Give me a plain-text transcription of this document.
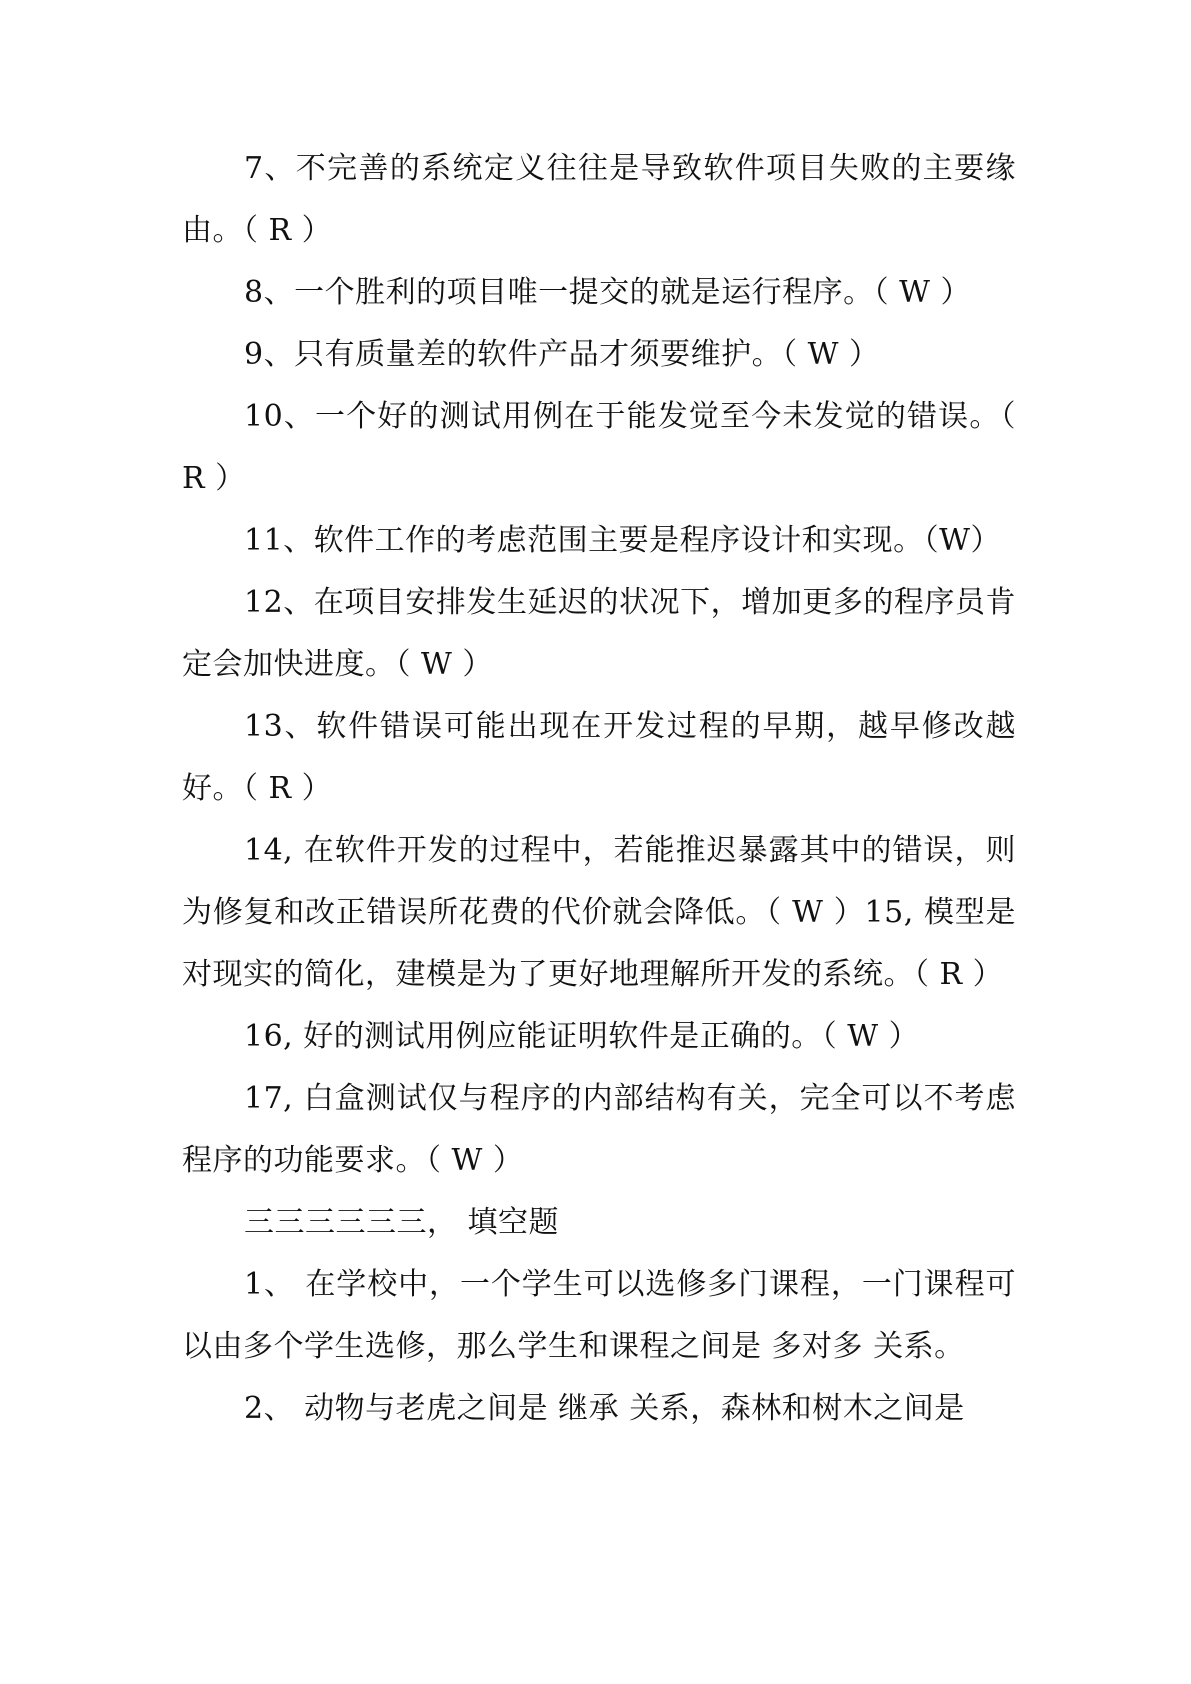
7、不完善的系统定义往往是导致软件项目失败的主要缘由。（ R ）

8、一个胜利的项目唯一提交的就是运行程序。（ W ）

9、只有质量差的软件产品才须要维护。（ W ）

10、一个好的测试用例在于能发觉至今未发觉的错误。（ R ）

11、软件工作的考虑范围主要是程序设计和实现。（W）

12、在项目安排发生延迟的状况下，增加更多的程序员肯定会加快进度。（ W ）

13、软件错误可能出现在开发过程的早期，越早修改越好。（ R ）

14, 在软件开发的过程中，若能推迟暴露其中的错误，则为修复和改正错误所花费的代价就会降低。（ W ）15, 模型是对现实的简化，建模是为了更好地理解所开发的系统。（ R ）

16, 好的测试用例应能证明软件是正确的。（ W ）

17, 白盒测试仅与程序的内部结构有关，完全可以不考虑程序的功能要求。（ W ）

三三三三三三， 填空题

1、 在学校中，一个学生可以选修多门课程，一门课程可以由多个学生选修，那么学生和课程之间是 多对多 关系。

2、 动物与老虎之间是 继承 关系，森林和树木之间是
